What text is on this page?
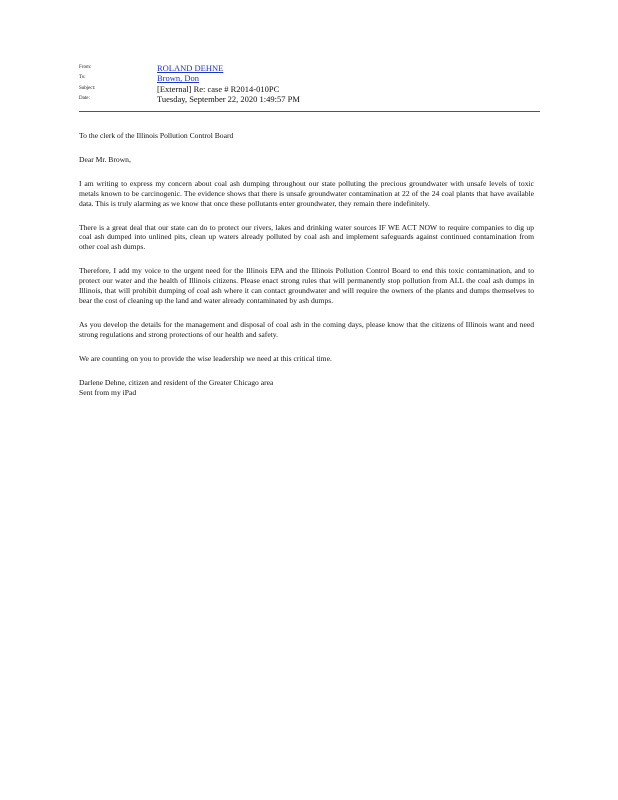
From:	ROLAND DEHNE
To:	Brown, Don
Subject:	[External] Re: case # R2014-010PC
Date:	Tuesday, September 22, 2020 1:49:57 PM

To the clerk of the Illinois Pollution Control Board

Dear Mr. Brown,

I am writing to express my concern about coal ash dumping throughout our state polluting the precious groundwater with unsafe levels of toxic metals known to be carcinogenic. The evidence shows that there is unsafe groundwater contamination at 22 of the 24 coal plants that have available data. This is truly alarming as we know that once these pollutants enter groundwater, they remain there indefinitely.

There is a great deal that our state can do to protect our rivers, lakes and drinking water sources IF WE ACT NOW to require companies to dig up coal ash dumped into unlined pits, clean up waters already polluted by coal ash and implement safeguards against continued contamination from other coal ash dumps.

Therefore, I add my voice to the urgent need for the Illinois EPA and the Illinois Pollution Control Board to end this toxic contamination, and to protect our water and the health of Illinois citizens. Please enact strong rules that will permanently stop pollution from ALL the coal ash dumps in Illinois, that will prohibit dumping of coal ash where it can contact groundwater and will require the owners of the plants and dumps themselves to bear the cost of cleaning up the land and water already contaminated by ash dumps.

As you develop the details for the management and disposal of coal ash in the coming days, please know that the citizens of Illinois want and need strong regulations and strong protections of our health and safety.

We are counting on you to provide the wise leadership we need at this critical time.

Darlene Dehne, citizen and resident of the Greater Chicago area

Sent from my iPad
